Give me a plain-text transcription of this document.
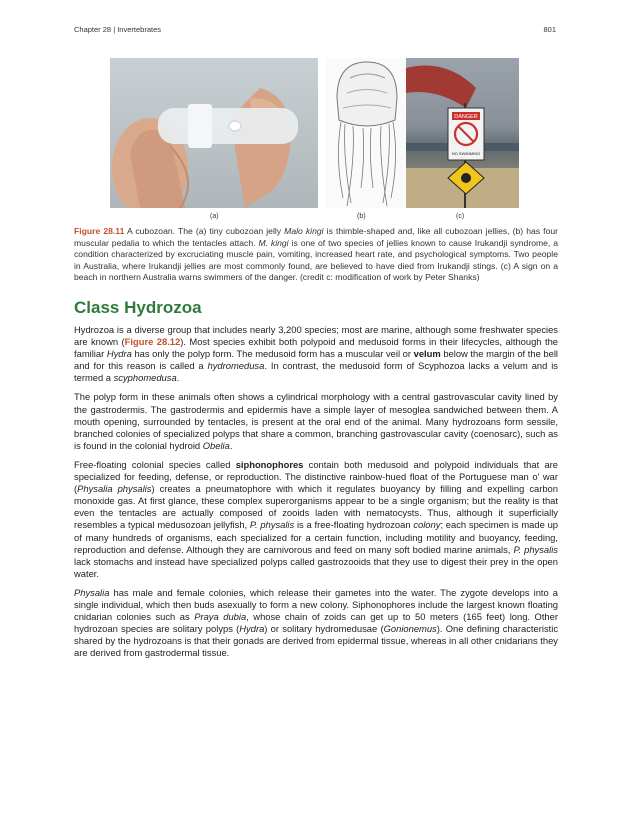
Chapter 28 | Invertebrates	801
DANGER
NO SWIMMING
(a)	(b)	(c)
Figure 28.11 A cubozoan. The (a) tiny cubozoan jelly Malo kingi is thimble-shaped and, like all cubozoan jellies, (b) has four muscular pedalia to which the tentacles attach. M. kingi is one of two species of jellies known to cause Irukandji syndrome, a condition characterized by excruciating muscle pain, vomiting, increased heart rate, and psychological symptoms. Two people in Australia, where Irukandji jellies are most commonly found, are believed to have died from Irukandji stings. (c) A sign on a beach in northern Australia warns swimmers of the danger. (credit c: modification of work by Peter Shanks)
Class Hydrozoa

Hydrozoa is a diverse group that includes nearly 3,200 species; most are marine, although some freshwater species are known (Figure 28.12). Most species exhibit both polypoid and medusoid forms in their lifecycles, although the familiar Hydra has only the polyp form. The medusoid form has a muscular veil or velum below the margin of the bell and for this reason is called a hydromedusa. In contrast, the medusoid form of Scyphozoa lacks a velum and is termed a scyphomedusa.

The polyp form in these animals often shows a cylindrical morphology with a central gastrovascular cavity lined by the gastrodermis. The gastrodermis and epidermis have a simple layer of mesoglea sandwiched between them. A mouth opening, surrounded by tentacles, is present at the oral end of the animal. Many hydrozoans form sessile, branched colonies of specialized polyps that share a common, branching gastrovascular cavity (coenosarc), such as is found in the colonial hydroid Obelia.

Free-floating colonial species called siphonophores contain both medusoid and polypoid individuals that are specialized for feeding, defense, or reproduction. The distinctive rainbow-hued float of the Portuguese man o' war (Physalia physalis) creates a pneumatophore with which it regulates buoyancy by filling and expelling carbon monoxide gas. At first glance, these complex superorganisms appear to be a single organism; but the reality is that even the tentacles are actually composed of zooids laden with nematocysts. Thus, although it superficially resembles a typical medusozoan jellyfish, P. physalis is a free-floating hydrozoan colony; each specimen is made up of many hundreds of organisms, each specialized for a certain function, including motility and buoyancy, feeding, reproduction and defense. Although they are carnivorous and feed on many soft bodied marine animals, P. physalis lack stomachs and instead have specialized polyps called gastrozooids that they use to digest their prey in the open water.

Physalia has male and female colonies, which release their gametes into the water. The zygote develops into a single individual, which then buds asexually to form a new colony. Siphonophores include the largest known floating cnidarian colonies such as Praya dubia, whose chain of zoids can get up to 50 meters (165 feet) long. Other hydrozoan species are solitary polyps (Hydra) or solitary hydromedusae (Gonionemus). One defining characteristic shared by the hydrozoans is that their gonads are derived from epidermal tissue, whereas in all other cnidarians they are derived from gastrodermal tissue.
